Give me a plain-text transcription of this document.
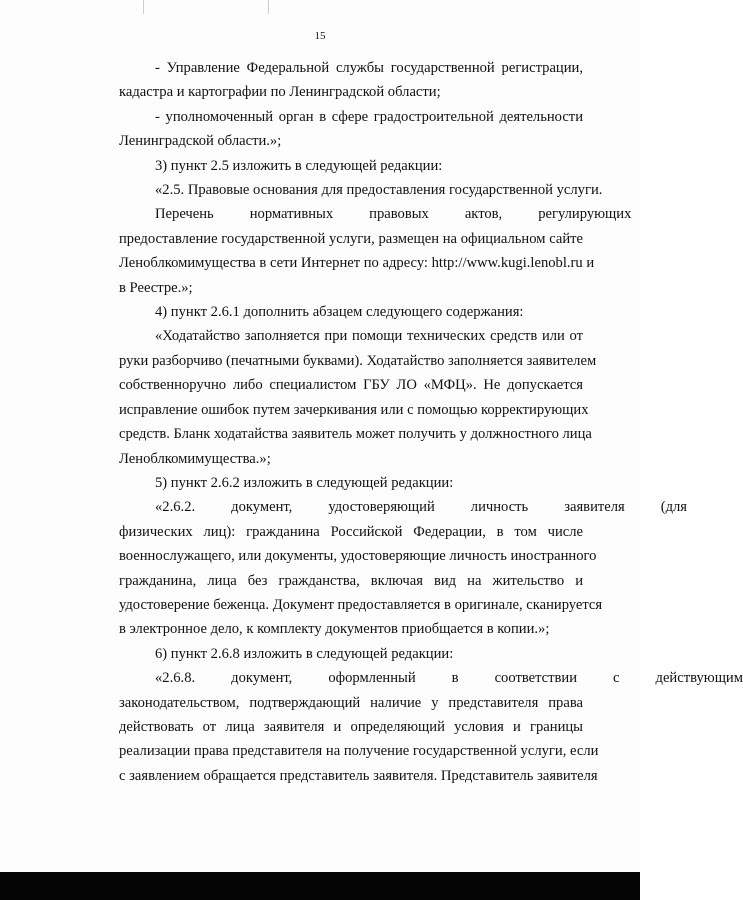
15
- Управление Федеральной службы государственной регистрации,
кадастра и картографии по Ленинградской области;
- уполномоченный орган в сфере градостроительной деятельности
Ленинградской области.»;
3) пункт 2.5 изложить в следующей редакции:
«2.5. Правовые основания для предоставления государственной услуги.
Перечень	нормативных	правовых	актов,	регулирующих
предоставление государственной услуги, размещен на официальном сайте
Леноблкомимущества в сети Интернет по адресу: http://www.kugi.lenobl.ru и
в Реестре.»;
4) пункт 2.6.1 дополнить абзацем следующего содержания:
«Ходатайство заполняется при помощи технических средств или от
руки разборчиво (печатными буквами). Ходатайство заполняется заявителем
собственноручно либо специалистом ГБУ ЛО «МФЦ». Не допускается
исправление ошибок путем зачеркивания или с помощью корректирующих
средств. Бланк ходатайства заявитель может получить у должностного лица
Леноблкомимущества.»;
5) пункт 2.6.2 изложить в следующей редакции:
«2.6.2.	документ,	удостоверяющий	личность	заявителя	(для
физических лиц): гражданина Российской Федерации, в том числе
военнослужащего, или документы, удостоверяющие личность иностранного
гражданина, лица без гражданства, включая вид на жительство и
удостоверение беженца. Документ предоставляется в оригинале, сканируется
в электронное дело, к комплекту документов приобщается в копии.»;
6) пункт 2.6.8 изложить в следующей редакции:
«2.6.8.	документ,	оформленный	в	соответствии	с	действующим
законодательством, подтверждающий наличие у представителя права
действовать от лица заявителя и определяющий условия и границы
реализации права представителя на получение государственной услуги, если
с заявлением обращается представитель заявителя. Представитель заявителя
